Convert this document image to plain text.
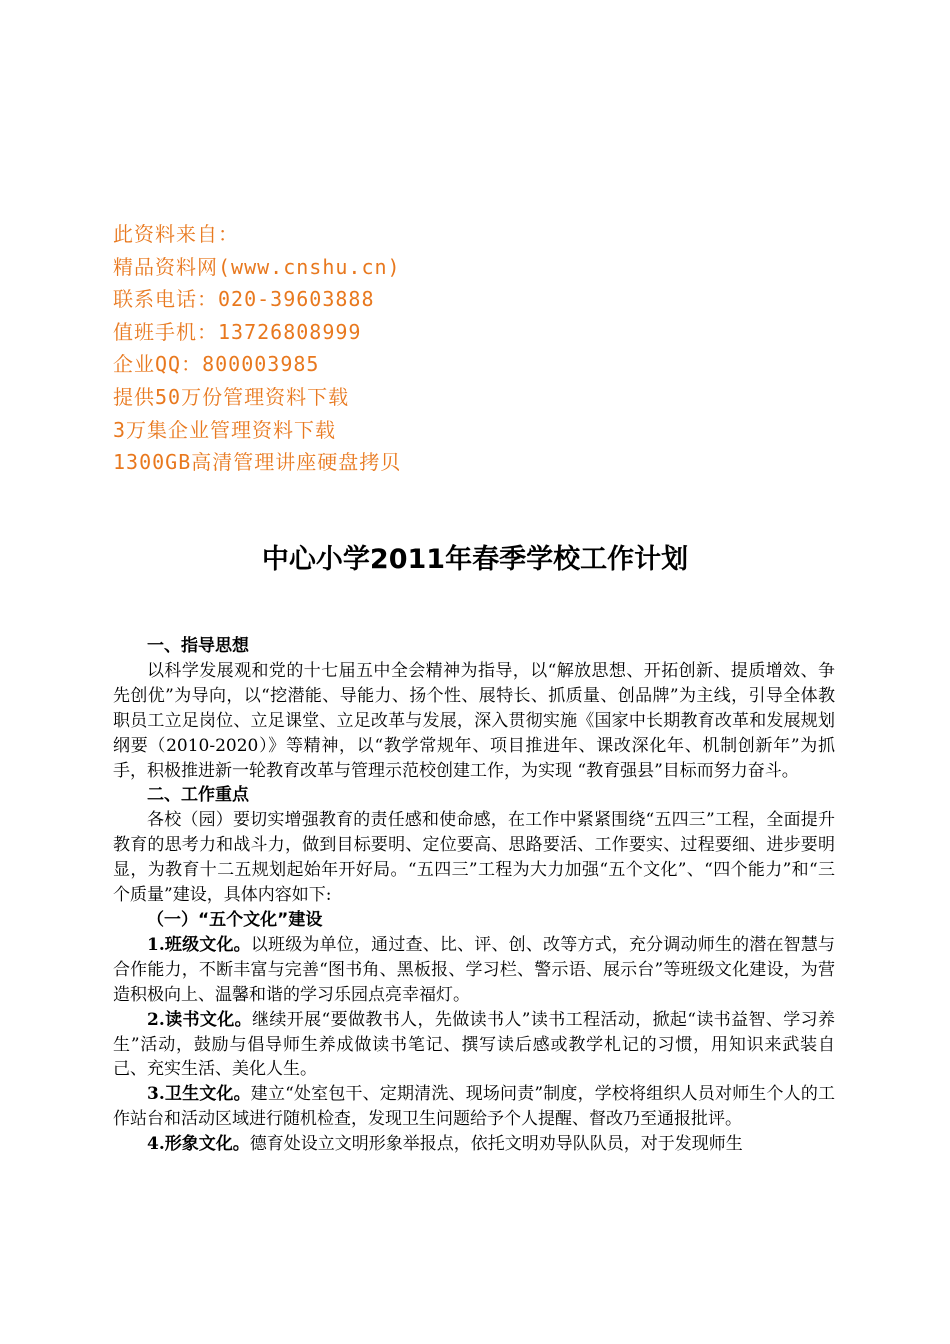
此资料来自：
精品资料网(www.cnshu.cn)
联系电话：020-39603888
值班手机：13726808999
企业QQ：800003985
提供50万份管理资料下载
3万集企业管理资料下载
1300GB高清管理讲座硬盘拷贝
中心小学2011年春季学校工作计划
一、指导思想

以科学发展观和党的十七届五中全会精神为指导，以“解放思想、开拓创新、提质增效、争先创优”为导向，以“挖潜能、导能力、扬个性、展特长、抓质量、创品牌”为主线，引导全体教职员工立足岗位、立足课堂、立足改革与发展，深入贯彻实施《国家中长期教育改革和发展规划纲要（2010-2020）》等精神，以“教学常规年、项目推进年、课改深化年、机制创新年”为抓手，积极推进新一轮教育改革与管理示范校创建工作，为实现 “教育强县”目标而努力奋斗。

二、工作重点

各校（园）要切实增强教育的责任感和使命感，在工作中紧紧围绕“五四三”工程，全面提升教育的思考力和战斗力，做到目标要明、定位要高、思路要活、工作要实、过程要细、进步要明显，为教育十二五规划起始年开好局。“五四三”工程为大力加强“五个文化”、“四个能力”和“三个质量”建设，具体内容如下:

（一）“五个文化”建设

1.班级文化。以班级为单位，通过查、比、评、创、改等方式，充分调动师生的潜在智慧与合作能力，不断丰富与完善“图书角、黑板报、学习栏、警示语、展示台”等班级文化建设，为营造积极向上、温馨和谐的学习乐园点亮幸福灯。

2.读书文化。继续开展“要做教书人，先做读书人”读书工程活动，掀起“读书益智、学习养生”活动，鼓励与倡导师生养成做读书笔记、撰写读后感或教学札记的习惯，用知识来武装自己、充实生活、美化人生。

3.卫生文化。建立“处室包干、定期清洗、现场问责”制度，学校将组织人员对师生个人的工作站台和活动区域进行随机检查，发现卫生问题给予个人提醒、督改乃至通报批评。

4.形象文化。德育处设立文明形象举报点，依托文明劝导队队员，对于发现师生
